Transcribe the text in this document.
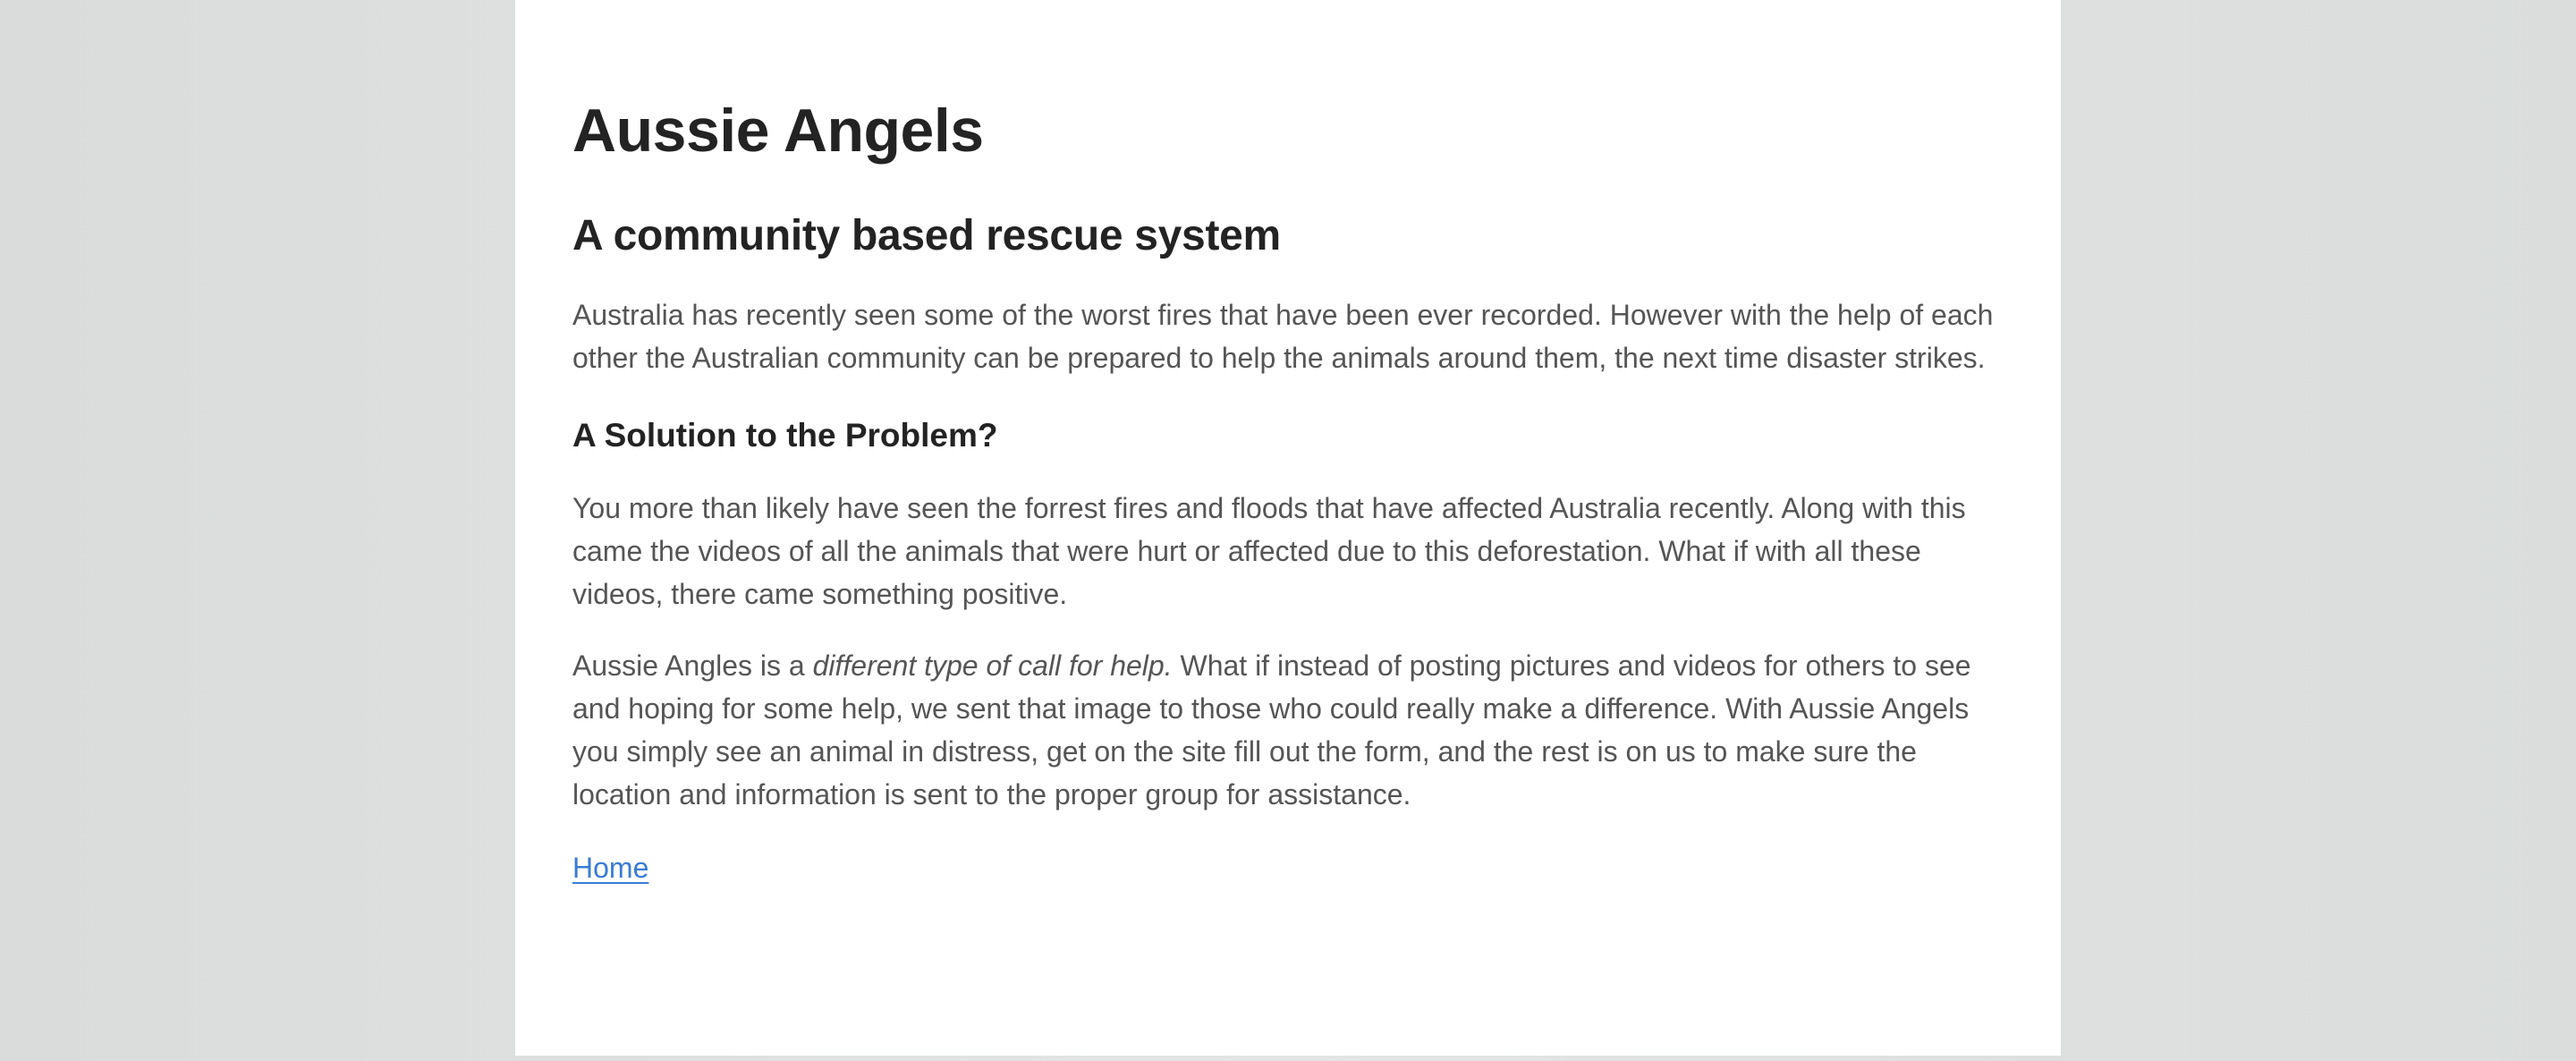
Aussie Angels
A community based rescue system

Australia has recently seen some of the worst fires that have been ever recorded. However with the help of each other the Australian community can be prepared to help the animals around them, the next time disaster strikes.

A Solution to the Problem?

You more than likely have seen the forrest fires and floods that have affected Australia recently. Along with this came the videos of all the animals that were hurt or affected due to this deforestation. What if with all these videos, there came something positive.

Aussie Angles is a different type of call for help. What if instead of posting pictures and videos for others to see and hoping for some help, we sent that image to those who could really make a difference. With Aussie Angels you simply see an animal in distress, get on the site fill out the form, and the rest is on us to make sure the location and information is sent to the proper group for assistance.

Home
